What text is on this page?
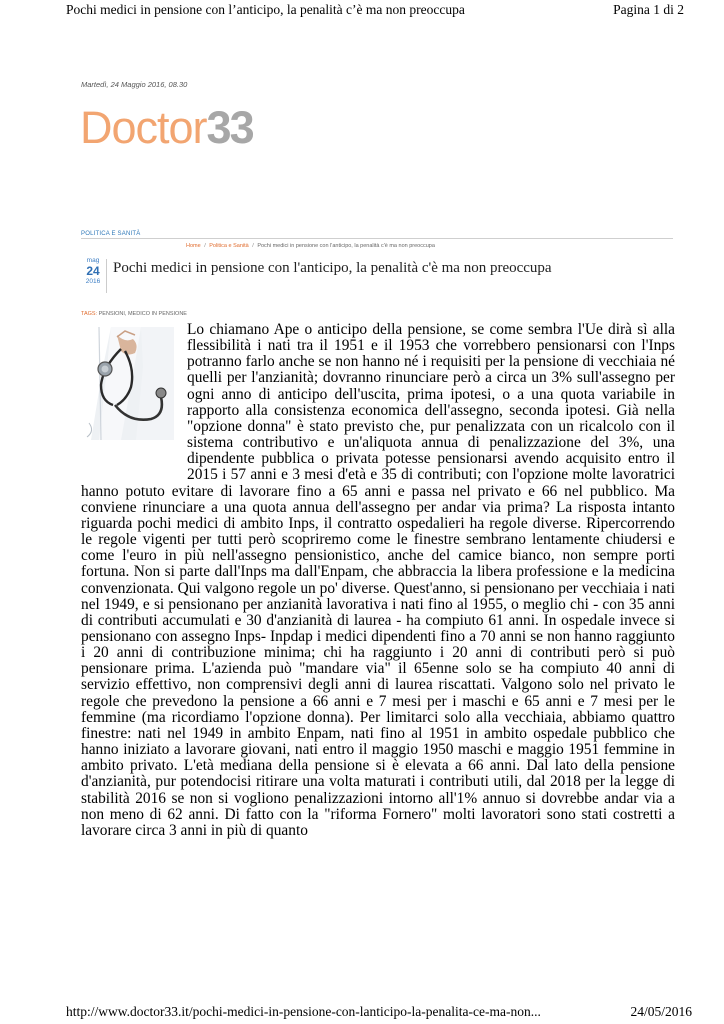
Pochi medici in pensione con l’anticipo, la penalità c’è ma non preoccupa	Pagina 1 di 2
Martedì, 24 Maggio 2016, 08.30
Doctor33
POLITICA E SANITÀ
Home / Politica e Sanità / Pochi medici in pensione con l'anticipo, la penalità c'è ma non preoccupa
mag
24
2016
Pochi medici in pensione con l'anticipo, la penalità c'è ma non preoccupa
TAGS: PENSIONI, MEDICO IN PENSIONE

Lo chiamano Ape o anticipo della pensione, se come sembra l'Ue dirà sì alla flessibilità i nati tra il 1951 e il 1953 che vorrebbero pensionarsi con l'Inps potranno farlo anche se non hanno né i requisiti per la pensione di vecchiaia né quelli per l'anzianità; dovranno rinunciare però a circa un 3% sull'assegno per ogni anno di anticipo dell'uscita, prima ipotesi, o a una quota variabile in rapporto alla consistenza economica dell'assegno, seconda ipotesi. Già nella "opzione donna" è stato previsto che, pur penalizzata con un ricalcolo con il sistema contributivo e un'aliquota annua di penalizzazione del 3%, una dipendente pubblica o privata potesse pensionarsi avendo acquisito entro il 2015 i 57 anni e 3 mesi d'età e 35 di contributi; con l'opzione molte lavoratrici hanno potuto evitare di lavorare fino a 65 anni e passa nel privato e 66 nel pubblico. Ma conviene rinunciare a una quota annua dell'assegno per andar via prima? La risposta intanto riguarda pochi medici di ambito Inps, il contratto ospedalieri ha regole diverse. Ripercorrendo le regole vigenti per tutti però scopriremo come le finestre sembrano lentamente chiudersi e come l'euro in più nell'assegno pensionistico, anche del camice bianco, non sempre porti fortuna. Non si parte dall'Inps ma dall'Enpam, che abbraccia la libera professione e la medicina convenzionata. Qui valgono regole un po' diverse. Quest'anno, si pensionano per vecchiaia i nati nel 1949, e si pensionano per anzianità lavorativa i nati fino al 1955, o meglio chi - con 35 anni di contributi accumulati e 30 d'anzianità di laurea - ha compiuto 61 anni. In ospedale invece si pensionano con assegno Inps- Inpdap i medici dipendenti fino a 70 anni se non hanno raggiunto i 20 anni di contribuzione minima; chi ha raggiunto i 20 anni di contributi però si può pensionare prima. L'azienda può "mandare via" il 65enne solo se ha compiuto 40 anni di servizio effettivo, non comprensivi degli anni di laurea riscattati. Valgono solo nel privato le regole che prevedono la pensione a 66 anni e 7 mesi per i maschi e 65 anni e 7 mesi per le femmine (ma ricordiamo l'opzione donna). Per limitarci solo alla vecchiaia, abbiamo quattro finestre: nati nel 1949 in ambito Enpam, nati fino al 1951 in ambito ospedale pubblico che hanno iniziato a lavorare giovani, nati entro il maggio 1950 maschi e maggio 1951 femmine in ambito privato. L'età mediana della pensione si è elevata a 66 anni. Dal lato della pensione d'anzianità, pur potendocisi ritirare una volta maturati i contributi utili, dal 2018 per la legge di stabilità 2016 se non si vogliono penalizzazioni intorno all'1% annuo si dovrebbe andar via a non meno di 62 anni. Di fatto con la "riforma Fornero" molti lavoratori sono stati costretti a lavorare circa 3 anni in più di quanto

http://www.doctor33.it/pochi-medici-in-pensione-con-lanticipo-la-penalita-ce-ma-non...	24/05/2016
